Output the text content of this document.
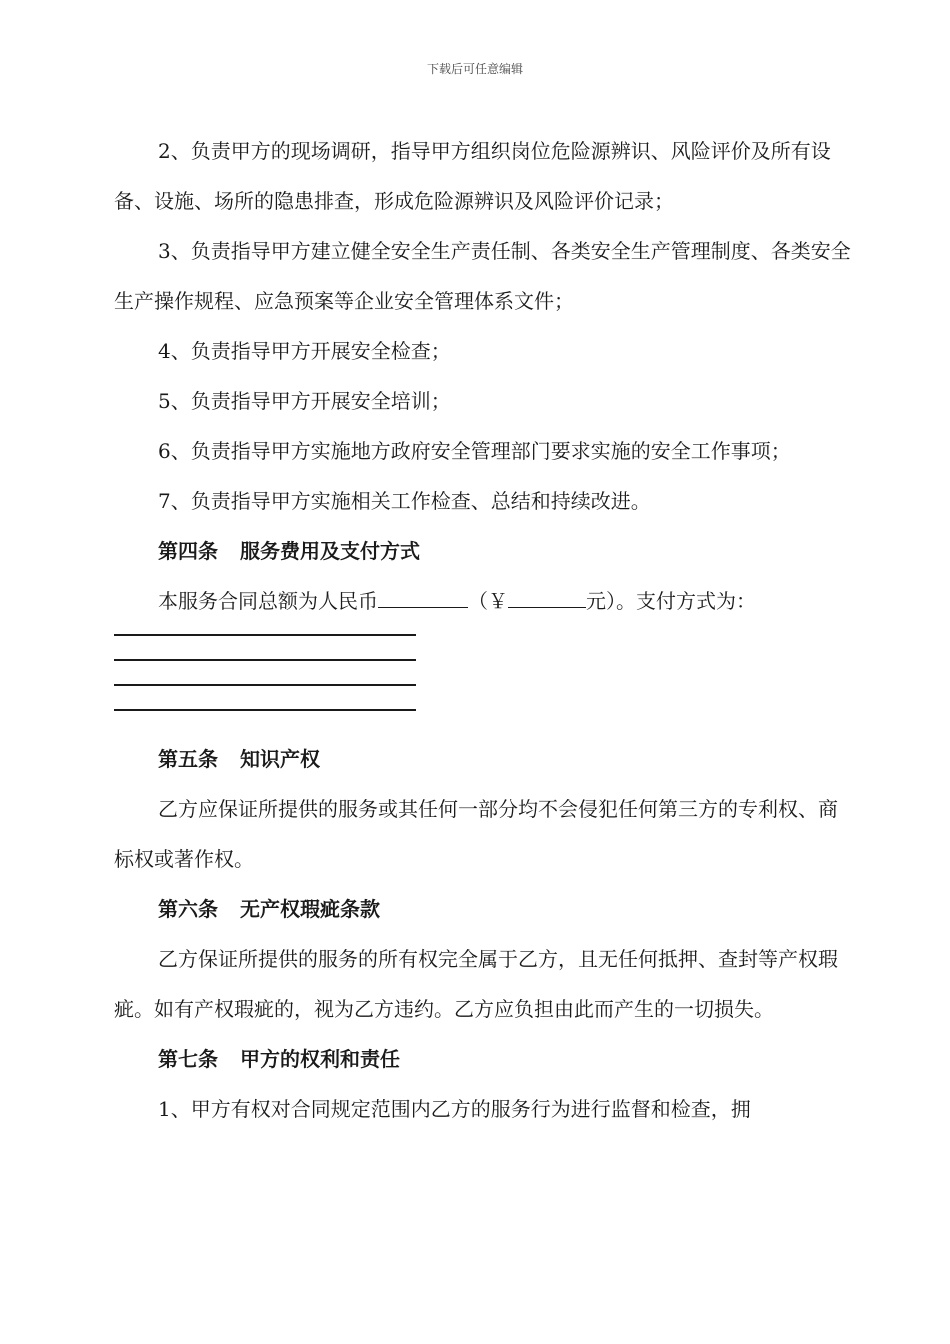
下载后可任意编辑

2、负责甲方的现场调研，指导甲方组织岗位危险源辨识、风险评价及所有设备、设施、场所的隐患排查，形成危险源辨识及风险评价记录；

3、负责指导甲方建立健全安全生产责任制、各类安全生产管理制度、各类安全生产操作规程、应急预案等企业安全管理体系文件；

4、负责指导甲方开展安全检查；

5、负责指导甲方开展安全培训；

6、负责指导甲方实施地方政府安全管理部门要求实施的安全工作事项；

7、负责指导甲方实施相关工作检查、总结和持续改进。

第四条 服务费用及支付方式

本服务合同总额为人民币	（￥	元）。支付方式为：

第五条 知识产权

乙方应保证所提供的服务或其任何一部分均不会侵犯任何第三方的专利权、商标权或著作权。

第六条 无产权瑕疵条款

乙方保证所提供的服务的所有权完全属于乙方，且无任何抵押、查封等产权瑕疵。如有产权瑕疵的，视为乙方违约。乙方应负担由此而产生的一切损失。

第七条 甲方的权利和责任

1、甲方有权对合同规定范围内乙方的服务行为进行监督和检查，拥
